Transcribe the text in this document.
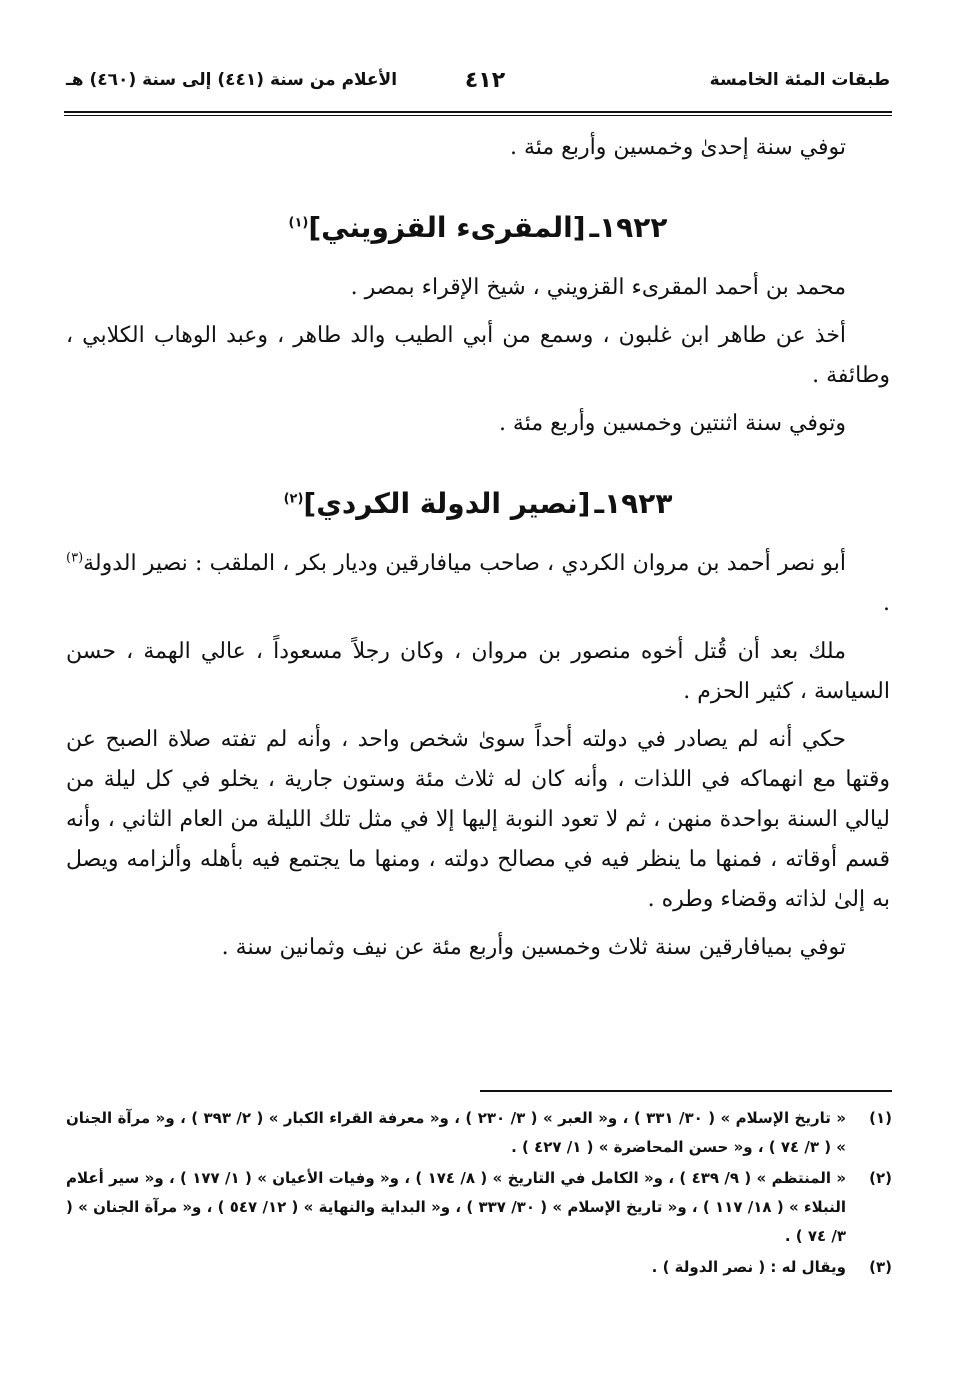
طبقات المئة الخامسة
٤١٢
الأعلام من سنة (٤٤١) إلى سنة (٤٦٠) هـ

توفي سنة إحدىٰ وخمسين وأربع مئة .

١٩٢٢ـ[المقرىء القزويني]$^{(١)}$

محمد بن أحمد المقرىء القزويني ، شيخ الإقراء بمصر .

أخذ عن طاهر ابن غلبون ، وسمع من أبي الطيب والد طاهر ، وعبد الوهاب الكلابي ، وطائفة .

وتوفي سنة اثنتين وخمسين وأربع مئة .

١٩٢٣ـ[نصير الدولة الكردي]$^{(٢)}$

أبو نصر أحمد بن مروان الكردي ، صاحب ميافارقين وديار بكر ، الملقب : نصير الدولة$^{(٣)}$ .

ملك بعد أن قُتل أخوه منصور بن مروان ، وكان رجلاً مسعوداً ، عالي الهمة ، حسن السياسة ، كثير الحزم .

حكي أنه لم يصادر في دولته أحداً سوىٰ شخص واحد ، وأنه لم تفته صلاة الصبح عن وقتها مع انهماكه في اللذات ، وأنه كان له ثلاث مئة وستون جارية ، يخلو في كل ليلة من ليالي السنة بواحدة منهن ، ثم لا تعود النوبة إليها إلا في مثل تلك الليلة من العام الثاني ، وأنه قسم أوقاته ، فمنها ما ينظر فيه في مصالح دولته ، ومنها ما يجتمع فيه بأهله وألزامه ويصل به إلىٰ لذاته وقضاء وطره .

توفي بميافارقين سنة ثلاث وخمسين وأربع مئة عن نيف وثمانين سنة .

(١)
« تاريخ الإسلام » ( ٣٠/ ٣٣١ ) ، و« العبر » ( ٣/ ٢٣٠ ) ، و« معرفة القراء الكبار » ( ٢/ ٣٩٣ ) ، و« مرآة الجنان » ( ٣/ ٧٤ ) ، و« حسن المحاضرة » ( ١/ ٤٢٧ ) .
(٢)
« المنتظم » ( ٩/ ٤٣٩ ) ، و« الكامل في التاريخ » ( ٨/ ١٧٤ ) ، و« وفيات الأعيان » ( ١/ ١٧٧ ) ، و« سير أعلام النبلاء » ( ١٨/ ١١٧ ) ، و« تاريخ الإسلام » ( ٣٠/ ٣٣٧ ) ، و« البداية والنهاية » ( ١٢/ ٥٤٧ ) ، و« مرآة الجنان » ( ٣/ ٧٤ ) .
(٣)
ويقال له : ( نصر الدولة ) .
